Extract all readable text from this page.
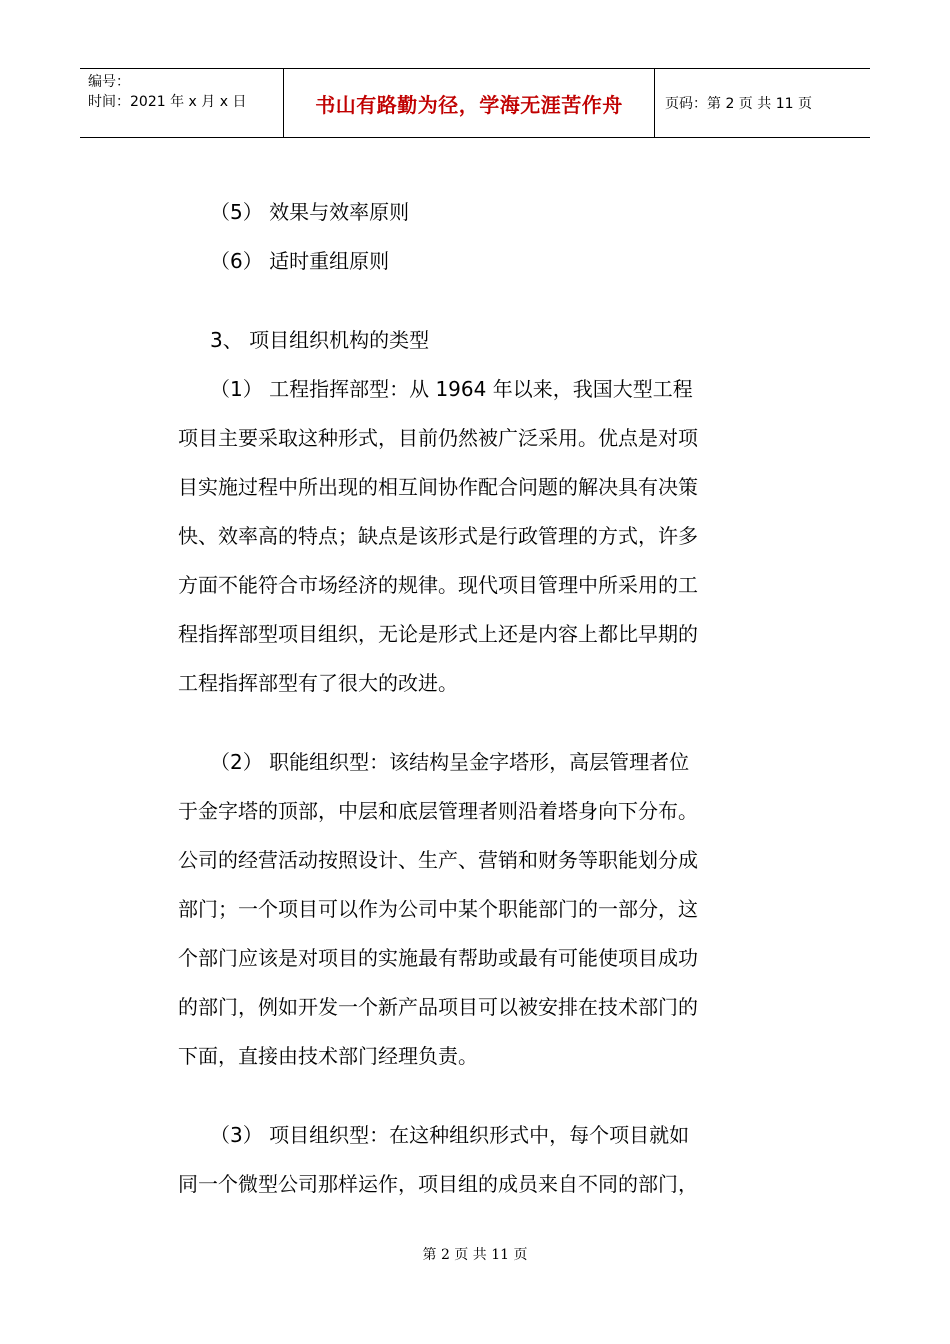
编号：
时间：2021 年 x 月 x 日	书山有路勤为径，学海无涯苦作舟	页码：第 2 页 共 11 页
（5） 效果与效率原则
（6） 适时重组原则
3、 项目组织机构的类型
（1） 工程指挥部型：从 1964 年以来，我国大型工程
项目主要采取这种形式，目前仍然被广泛采用。优点是对项
目实施过程中所出现的相互间协作配合问题的解决具有决策
快、效率高的特点；缺点是该形式是行政管理的方式，许多
方面不能符合市场经济的规律。现代项目管理中所采用的工
程指挥部型项目组织，无论是形式上还是内容上都比早期的
工程指挥部型有了很大的改进。
（2） 职能组织型：该结构呈金字塔形，高层管理者位
于金字塔的顶部，中层和底层管理者则沿着塔身向下分布。
公司的经营活动按照设计、生产、营销和财务等职能划分成
部门；一个项目可以作为公司中某个职能部门的一部分，这
个部门应该是对项目的实施最有帮助或最有可能使项目成功
的部门，例如开发一个新产品项目可以被安排在技术部门的
下面，直接由技术部门经理负责。
（3） 项目组织型：在这种组织形式中，每个项目就如
同一个微型公司那样运作，项目组的成员来自不同的部门，
第 2 页 共 11 页
